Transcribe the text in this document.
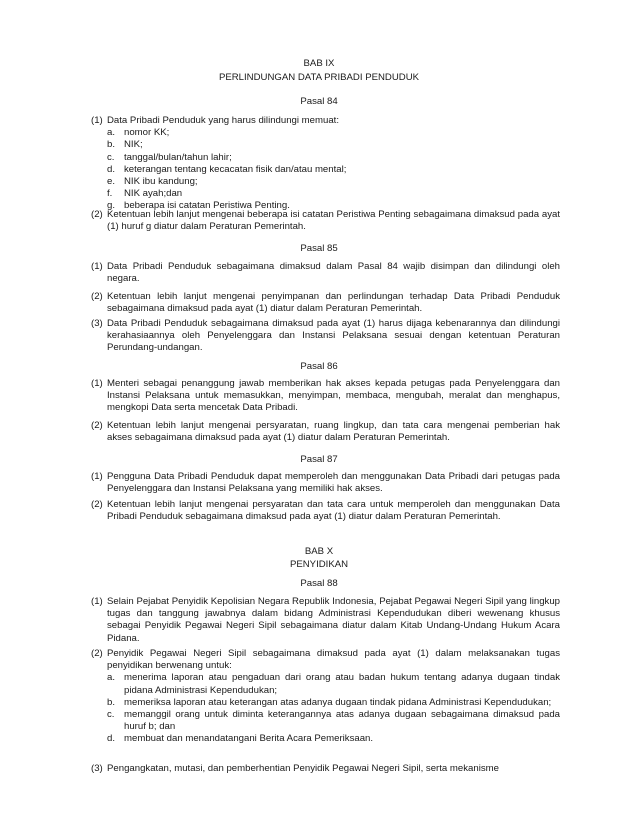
BAB IX
PERLINDUNGAN DATA PRIBADI PENDUDUK
Pasal 84
(1) Data Pribadi Penduduk yang harus dilindungi memuat:
a. nomor KK;
b. NIK;
c. tanggal/bulan/tahun lahir;
d. keterangan tentang kecacatan fisik dan/atau mental;
e. NIK ibu kandung;
f. NIK ayah;dan
g. beberapa isi catatan Peristiwa Penting.
(2) Ketentuan lebih lanjut mengenai beberapa isi catatan Peristiwa Penting sebagaimana dimaksud pada ayat (1) huruf g diatur dalam Peraturan Pemerintah.
Pasal 85
(1) Data Pribadi Penduduk sebagaimana dimaksud dalam Pasal 84 wajib disimpan dan dilindungi oleh negara.
(2) Ketentuan lebih lanjut mengenai penyimpanan dan perlindungan terhadap Data Pribadi Penduduk sebagaimana dimaksud pada ayat (1) diatur dalam Peraturan Pemerintah.
(3) Data Pribadi Penduduk sebagaimana dimaksud pada ayat (1) harus dijaga kebenarannya dan dilindungi kerahasiaannya oleh Penyelenggara dan Instansi Pelaksana sesuai dengan ketentuan Peraturan Perundang-undangan.
Pasal 86
(1) Menteri sebagai penanggung jawab memberikan hak akses kepada petugas pada Penyelenggara dan Instansi Pelaksana untuk memasukkan, menyimpan, membaca, mengubah, meralat dan menghapus, mengkopi Data serta mencetak Data Pribadi.
(2) Ketentuan lebih lanjut mengenai persyaratan, ruang lingkup, dan tata cara mengenai pemberian hak akses sebagaimana dimaksud pada ayat (1) diatur dalam Peraturan Pemerintah.
Pasal 87
(1) Pengguna Data Pribadi Penduduk dapat memperoleh dan menggunakan Data Pribadi dari petugas pada Penyelenggara dan Instansi Pelaksana yang memiliki hak akses.
(2) Ketentuan lebih lanjut mengenai persyaratan dan tata cara untuk memperoleh dan menggunakan Data Pribadi Penduduk sebagaimana dimaksud pada ayat (1) diatur dalam Peraturan Pemerintah.
BAB X
PENYIDIKAN
Pasal 88
(1) Selain Pejabat Penyidik Kepolisian Negara Republik Indonesia, Pejabat Pegawai Negeri Sipil yang lingkup tugas dan tanggung jawabnya dalam bidang Administrasi Kependudukan diberi wewenang khusus sebagai Penyidik Pegawai Negeri Sipil sebagaimana diatur dalam Kitab Undang-Undang Hukum Acara Pidana.
(2) Penyidik Pegawai Negeri Sipil sebagaimana dimaksud pada ayat (1) dalam melaksanakan tugas penyidikan berwenang untuk:
a. menerima laporan atau pengaduan dari orang atau badan hukum tentang adanya dugaan tindak pidana Administrasi Kependudukan;
b. memeriksa laporan atau keterangan atas adanya dugaan tindak pidana Administrasi Kependudukan;
c. memanggil orang untuk diminta keterangannya atas adanya dugaan sebagaimana dimaksud pada huruf b; dan
d. membuat dan menandatangani Berita Acara Pemeriksaan.
(3) Pengangkatan, mutasi, dan pemberhentian Penyidik Pegawai Negeri Sipil, serta mekanisme
